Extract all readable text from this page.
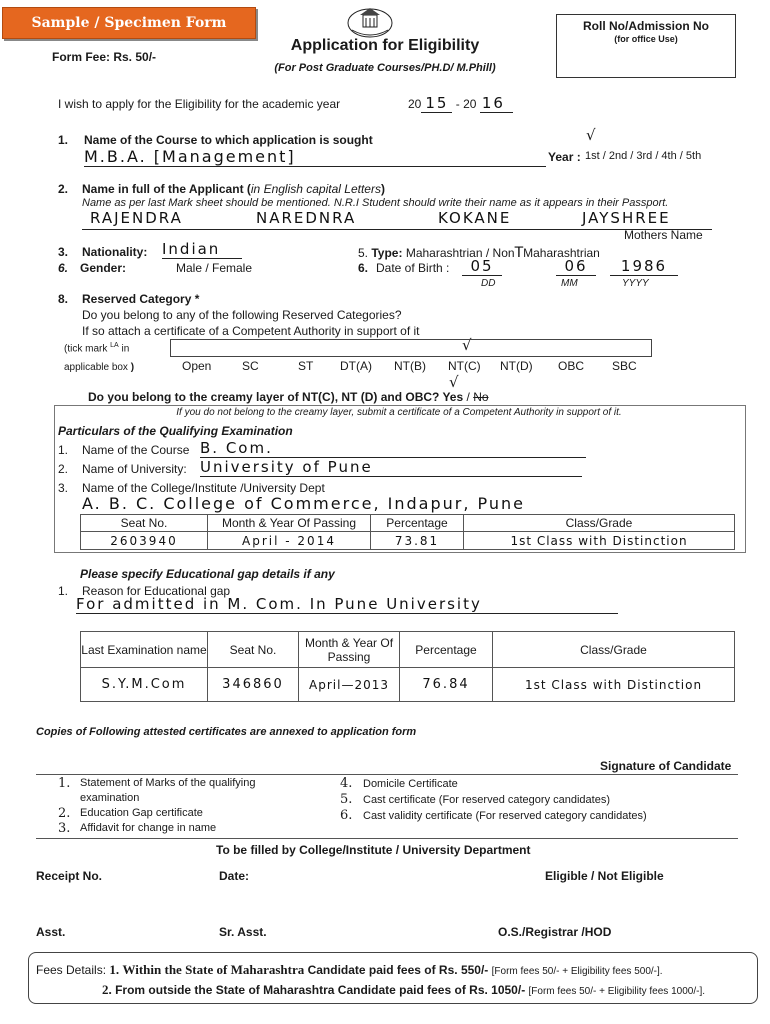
Sample / Specimen Form
Form Fee: Rs. 50/-
Application for Eligibility
(For Post Graduate Courses/PH.D/ M.Phill)
Roll No/Admission No
(for office Use)
I wish to apply for the Eligibility for the academic year	20 15 - 20 16
1. Name of the Course to which application is sought	√
M.B.A. [Management]	Year : 1st / 2nd / 3rd / 4th / 5th
2. Name in full of the Applicant (in English capital Letters)
Name as per last Mark sheet should be mentioned. N.R.I Student should write their name as it appears in their Passport.
RAJENDRA	NAREDNRA	KOKANE	JAYSHREE
Mothers Name
3. Nationality: Indian	5. Type: Maharashtrian / NonTMaharashtrian
6. Gender:	Male / Female	6. Date of Birth :	05	06	1986
DD	MM	YYYY
8. Reserved Category *
Do you belong to any of the following Reserved Categories?
If so attach a certificate of a Competent Authority in support of it
√
(tick mark $^{LA}$ in
applicable box )	Open	SC	ST DT(A) NT(B) NT(C) NT(D) OBC SBC
√
Do you belong to the creamy layer of NT(C), NT (D) and OBC? Yes / No
If you do not belong to the creamy layer, submit a certificate of a Competent Authority in support of it.
Particulars of the Qualifying Examination
1. Name of the Course B. Com.
2. Name of University: University of Pune
3. Name of the College/Institute /University Dept
A. B. C. College of Commerce, Indapur, Pune
Seat No.	Month & Year Of Passing	Percentage	Class/Grade
2603940	April - 2014	73.81	1st Class with Distinction
Please specify Educational gap details if any
1. Reason for Educational gap
For admitted in M. Com. In Pune University
Last Examination name	Seat No.	Month & Year Of Passing	Percentage	Class/Grade
S.Y.M.Com	346860	April—2013	76.84	1st Class with Distinction
Copies of Following attested certificates are annexed to application form
Signature of Candidate
1. Statement of Marks of the qualifying
examination
2. Education Gap certificate
3. Affidavit for change in name
4. Domicile Certificate
5. Cast certificate (For reserved category candidates)
6. Cast validity certificate (For reserved category candidates)
To be filled by College/Institute / University Department
Receipt No.	Date:	Eligible / Not Eligible
Asst.	Sr. Asst.	O.S./Registrar /HOD
Fees Details: 1. Within the State of Maharashtra Candidate paid fees of Rs. 550/- [Form fees 50/- + Eligibility fees 500/-].
2. From outside the State of Maharashtra Candidate paid fees of Rs. 1050/- [Form fees 50/- + Eligibility fees 1000/-].
